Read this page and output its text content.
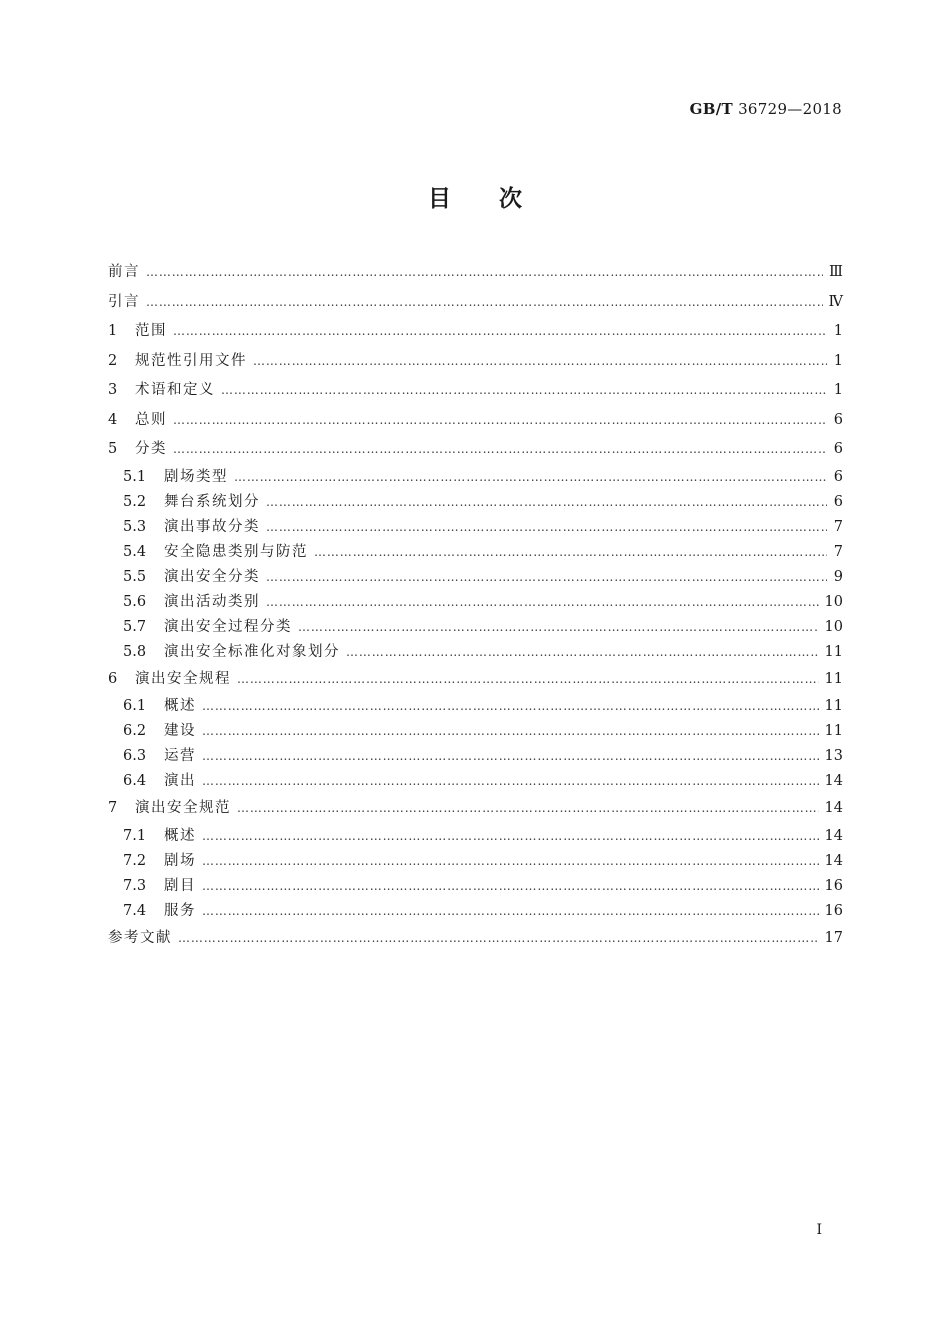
GB/T 36729—2018
目 次
前言 ……………………………………………………………………………………………………………………………………………………………………………………………………………………	Ⅲ
引言 ……………………………………………………………………………………………………………………………………………………………………………………………………………………	Ⅳ
1	范围 ……………………………………………………………………………………………………………………………………………………………………………………………………………………	1
2	规范性引用文件 ……………………………………………………………………………………………………………………………………………………………………………………………………………………	1
3	术语和定义 ……………………………………………………………………………………………………………………………………………………………………………………………………………………	1
4	总则 ……………………………………………………………………………………………………………………………………………………………………………………………………………………	6
5	分类 ……………………………………………………………………………………………………………………………………………………………………………………………………………………	6
5.1	剧场类型 ……………………………………………………………………………………………………………………………………………………………………………………………………………………	6
5.2	舞台系统划分 ……………………………………………………………………………………………………………………………………………………………………………………………………………………	6
5.3	演出事故分类 ……………………………………………………………………………………………………………………………………………………………………………………………………………………	7
5.4	安全隐患类别与防范 ……………………………………………………………………………………………………………………………………………………………………………………………………………………	7
5.5	演出安全分类 ……………………………………………………………………………………………………………………………………………………………………………………………………………………	9
5.6	演出活动类别 ……………………………………………………………………………………………………………………………………………………………………………………………………………………	10
5.7	演出安全过程分类 ……………………………………………………………………………………………………………………………………………………………………………………………………………………	10
5.8	演出安全标准化对象划分 ……………………………………………………………………………………………………………………………………………………………………………………………………………………	11
6	演出安全规程 ……………………………………………………………………………………………………………………………………………………………………………………………………………………	11
6.1	概述 ……………………………………………………………………………………………………………………………………………………………………………………………………………………	11
6.2	建设 ……………………………………………………………………………………………………………………………………………………………………………………………………………………	11
6.3	运营 ……………………………………………………………………………………………………………………………………………………………………………………………………………………	13
6.4	演出 ……………………………………………………………………………………………………………………………………………………………………………………………………………………	14
7	演出安全规范 ……………………………………………………………………………………………………………………………………………………………………………………………………………………	14
7.1	概述 ……………………………………………………………………………………………………………………………………………………………………………………………………………………	14
7.2	剧场 ……………………………………………………………………………………………………………………………………………………………………………………………………………………	14
7.3	剧目 ……………………………………………………………………………………………………………………………………………………………………………………………………………………	16
7.4	服务 ……………………………………………………………………………………………………………………………………………………………………………………………………………………	16
参考文献 ……………………………………………………………………………………………………………………………………………………………………………………………………………………	17
Ⅰ
